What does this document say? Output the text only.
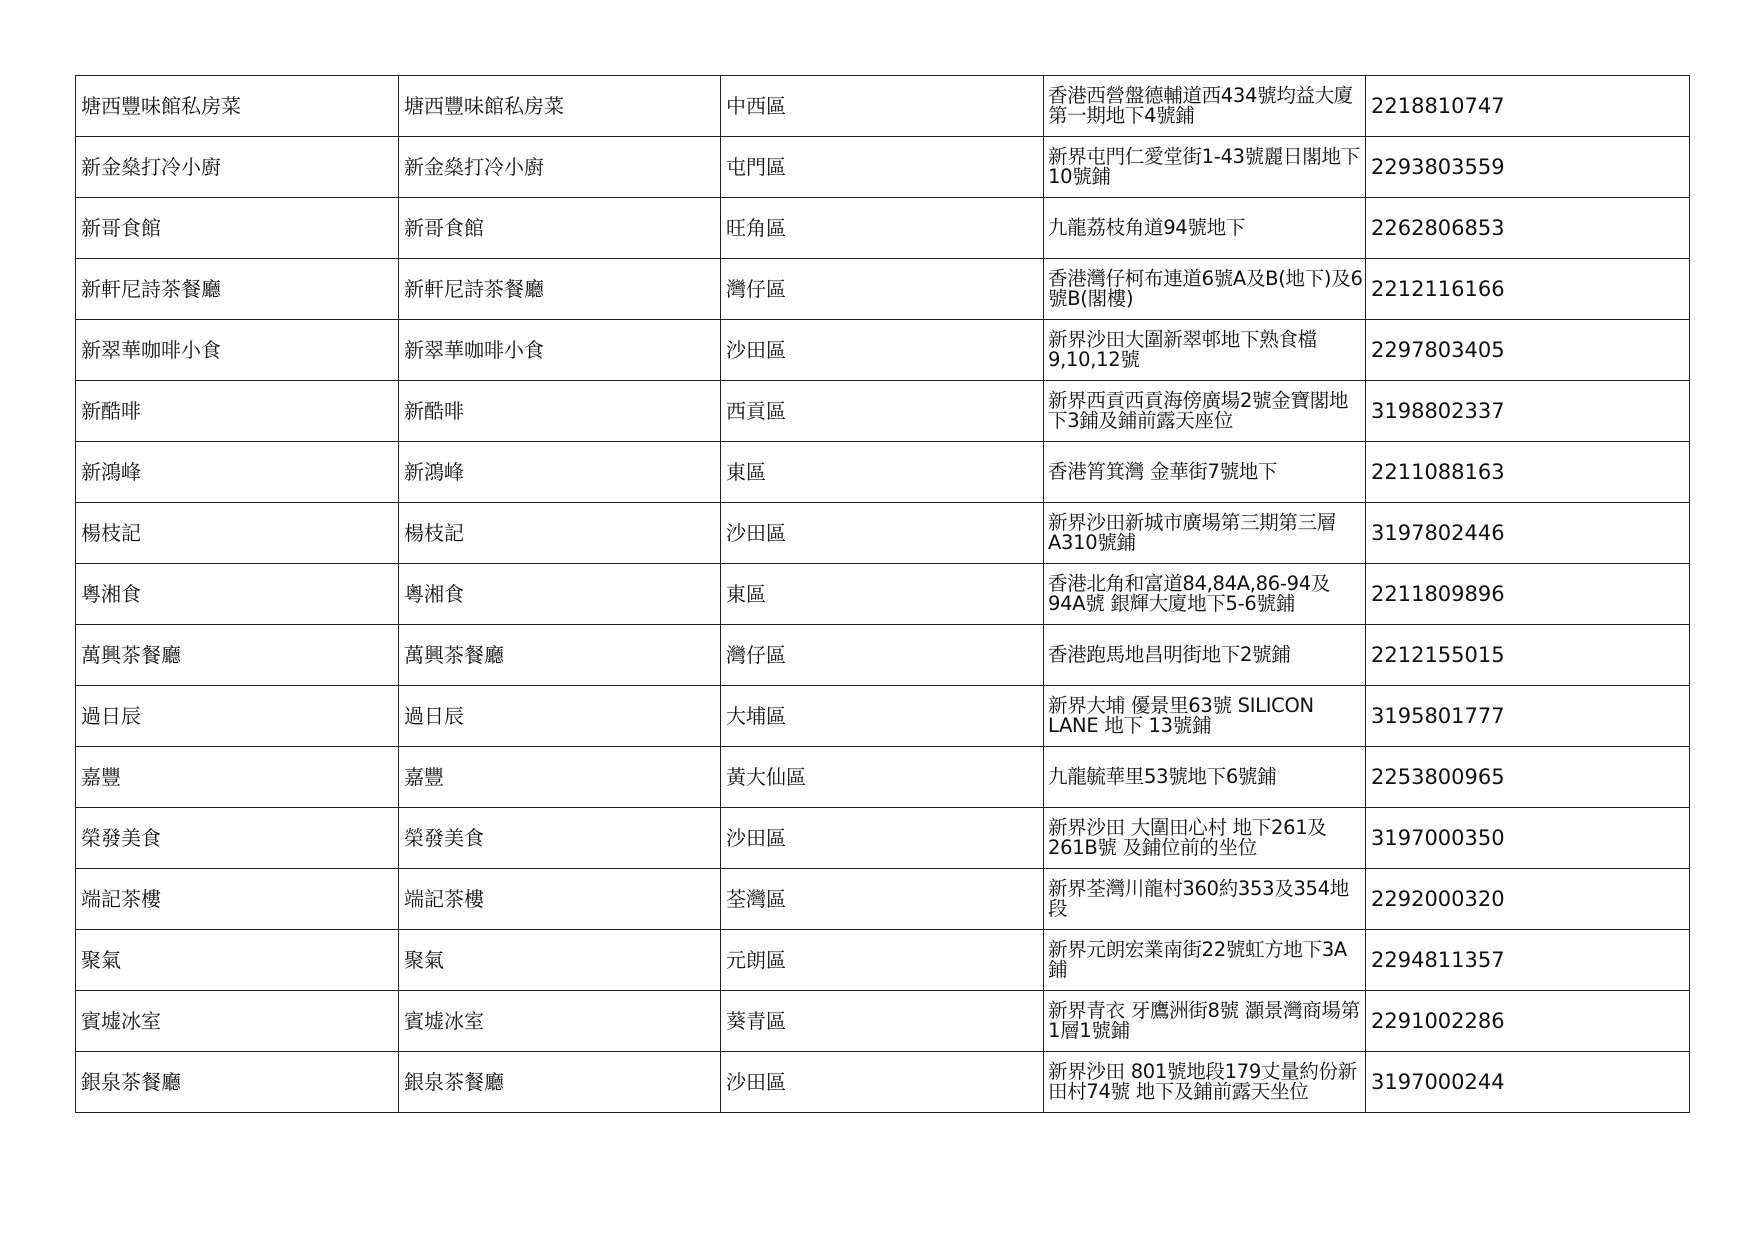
塘西豐味館私房菜	塘西豐味館私房菜	中西區	香港西營盤德輔道西434號均益大廈第一期地下4號鋪	2218810747
新金燊打冷小廚	新金燊打冷小廚	屯門區	新界屯門仁愛堂街1-43號麗日閣地下10號鋪	2293803559
新哥食館	新哥食館	旺角區	九龍荔枝角道94號地下	2262806853
新軒尼詩茶餐廳	新軒尼詩茶餐廳	灣仔區	香港灣仔柯布連道6號A及B(地下)及6號B(閣樓)	2212116166
新翠華咖啡小食	新翠華咖啡小食	沙田區	新界沙田大圍新翠邨地下熟食檔9,10,12號	2297803405
新酷啡	新酷啡	西貢區	新界西貢西貢海傍廣場2號金寶閣地下3鋪及鋪前露天座位	3198802337
新鴻峰	新鴻峰	東區	香港筲箕灣 金華街7號地下	2211088163
楊枝記	楊枝記	沙田區	新界沙田新城市廣場第三期第三層A310號鋪	3197802446
粵湘食	粵湘食	東區	香港北角和富道84,84A,86-94及94A號 銀輝大廈地下5-6號鋪	2211809896
萬興茶餐廳	萬興茶餐廳	灣仔區	香港跑馬地昌明街地下2號鋪	2212155015
過日辰	過日辰	大埔區	新界大埔 優景里63號 SILICON LANE 地下 13號鋪	3195801777
嘉豐	嘉豐	黃大仙區	九龍毓華里53號地下6號鋪	2253800965
榮發美食	榮發美食	沙田區	新界沙田 大圍田心村 地下261及261B號 及鋪位前的坐位	3197000350
端記茶樓	端記茶樓	荃灣區	新界荃灣川龍村360約353及354地段	2292000320
聚氣	聚氣	元朗區	新界元朗宏業南街22號虹方地下3A鋪	2294811357
賓墟冰室	賓墟冰室	葵青區	新界青衣 牙鷹洲街8號 灝景灣商場第1層1號鋪	2291002286
銀泉茶餐廳	銀泉茶餐廳	沙田區	新界沙田 801號地段179丈量約份新田村74號 地下及鋪前露天坐位	3197000244
